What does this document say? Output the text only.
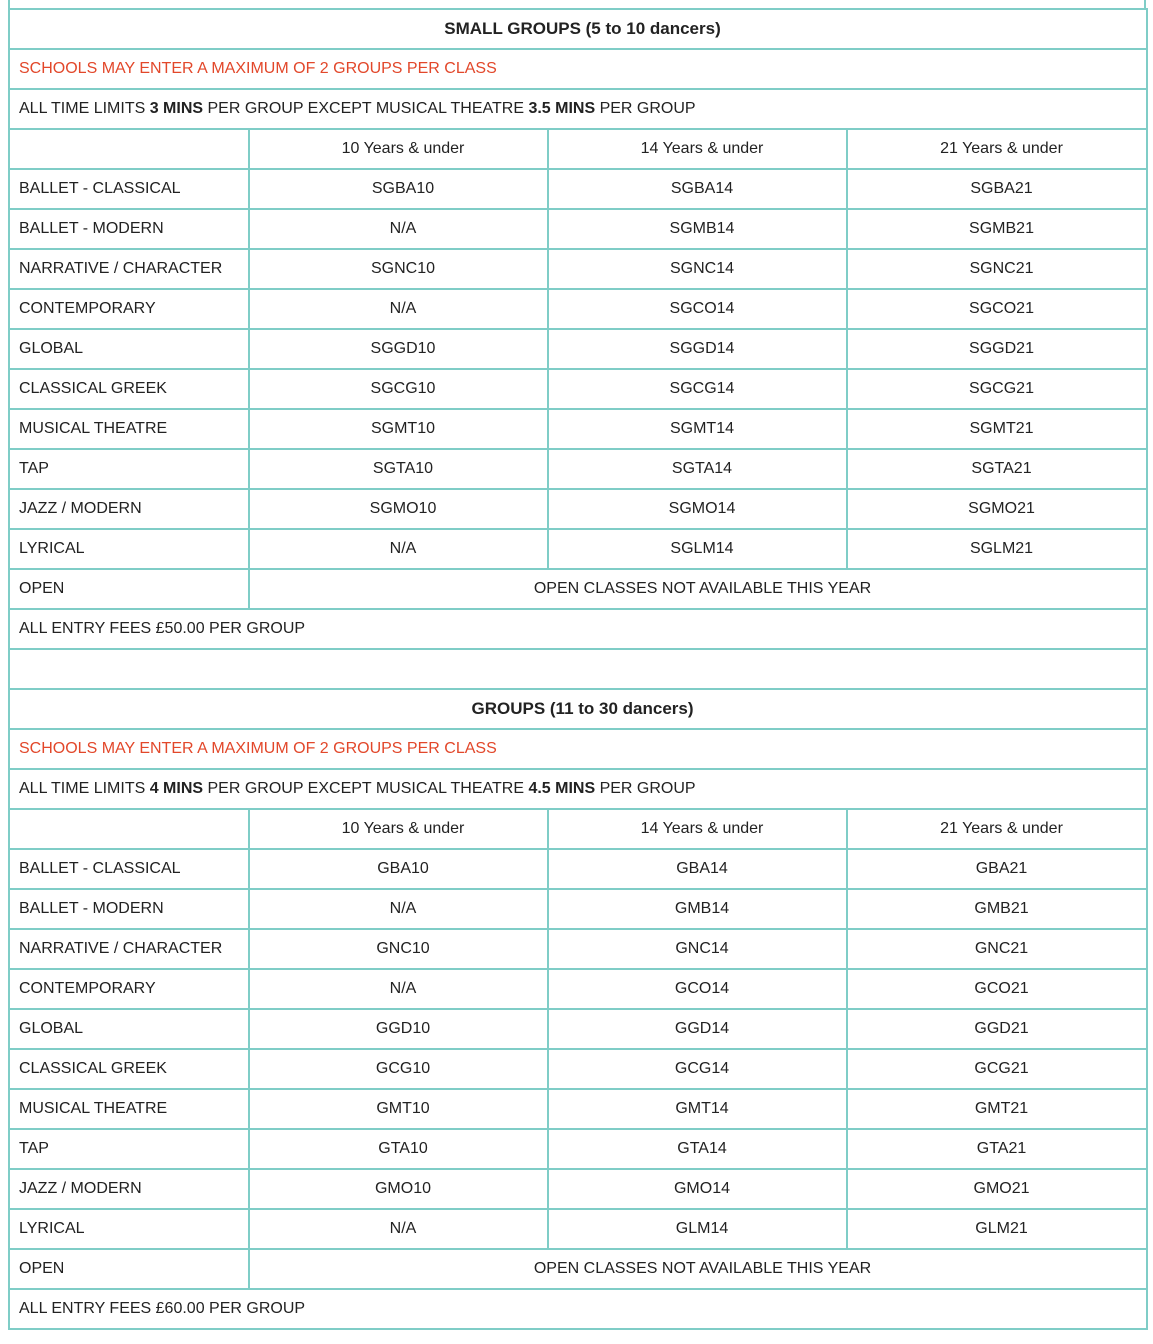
SMALL GROUPS (5 to 10 dancers)			
SCHOOLS MAY ENTER A MAXIMUM OF 2 GROUPS PER CLASS			
ALL TIME LIMITS 3 MINS PER GROUP EXCEPT MUSICAL THEATRE 3.5 MINS PER GROUP			
	10 Years & under	14 Years & under	21 Years & under
BALLET - CLASSICAL	SGBA10	SGBA14	SGBA21
BALLET - MODERN	N/A	SGMB14	SGMB21
NARRATIVE / CHARACTER	SGNC10	SGNC14	SGNC21
CONTEMPORARY	N/A	SGCO14	SGCO21
GLOBAL	SGGD10	SGGD14	SGGD21
CLASSICAL GREEK	SGCG10	SGCG14	SGCG21
MUSICAL THEATRE	SGMT10	SGMT14	SGMT21
TAP	SGTA10	SGTA14	SGTA21
JAZZ / MODERN	SGMO10	SGMO14	SGMO21
LYRICAL	N/A	SGLM14	SGLM21
OPEN	OPEN CLASSES NOT AVAILABLE THIS YEAR		
ALL ENTRY FEES £50.00 PER GROUP			

GROUPS (11 to 30 dancers)			
SCHOOLS MAY ENTER A MAXIMUM OF 2 GROUPS PER CLASS			
ALL TIME LIMITS 4 MINS PER GROUP EXCEPT MUSICAL THEATRE 4.5 MINS PER GROUP			
	10 Years & under	14 Years & under	21 Years & under
BALLET - CLASSICAL	GBA10	GBA14	GBA21
BALLET - MODERN	N/A	GMB14	GMB21
NARRATIVE / CHARACTER	GNC10	GNC14	GNC21
CONTEMPORARY	N/A	GCO14	GCO21
GLOBAL	GGD10	GGD14	GGD21
CLASSICAL GREEK	GCG10	GCG14	GCG21
MUSICAL THEATRE	GMT10	GMT14	GMT21
TAP	GTA10	GTA14	GTA21
JAZZ / MODERN	GMO10	GMO14	GMO21
LYRICAL	N/A	GLM14	GLM21
OPEN	OPEN CLASSES NOT AVAILABLE THIS YEAR		
ALL ENTRY FEES £60.00 PER GROUP			
